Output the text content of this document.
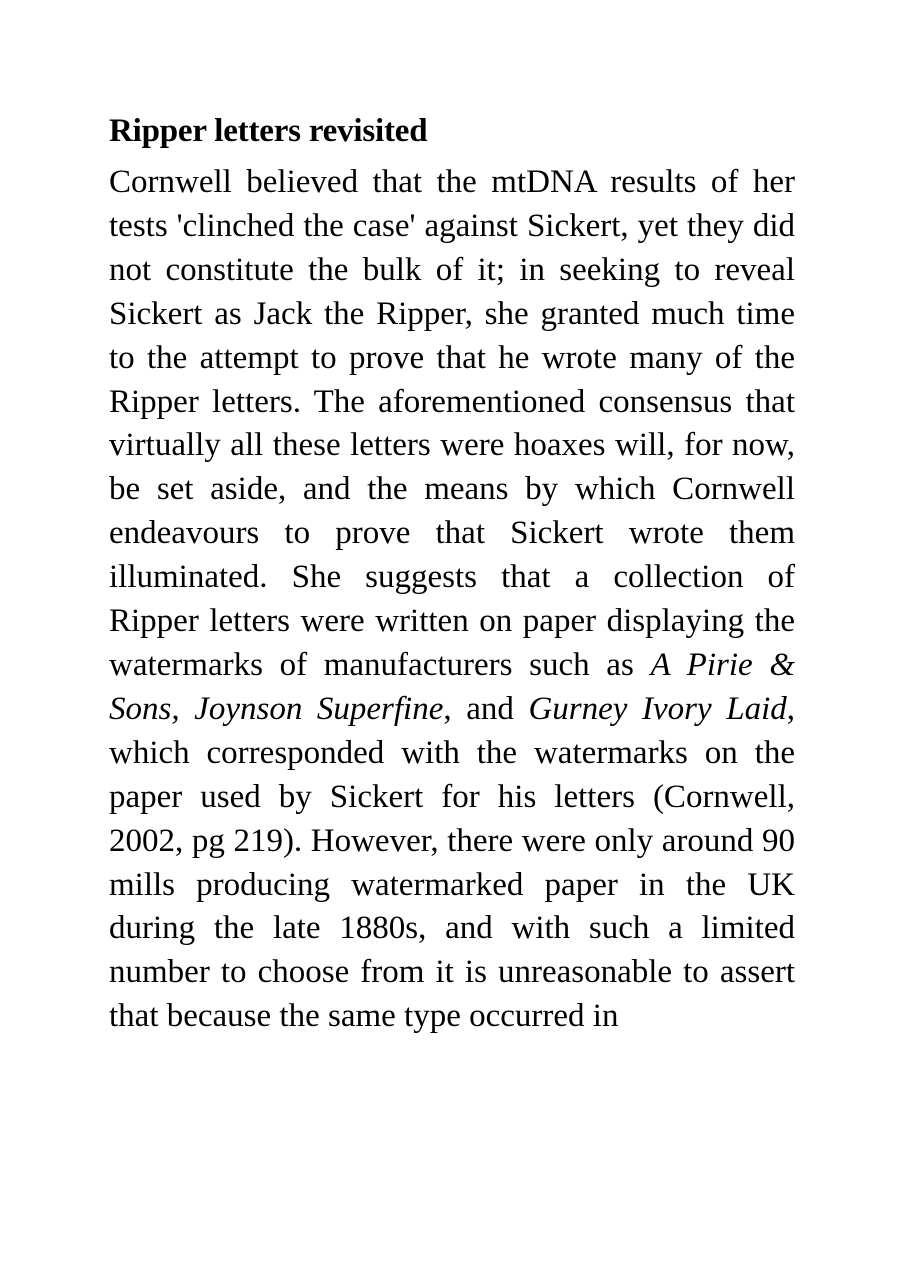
Ripper letters revisited

Cornwell believed that the mtDNA results of her tests 'clinched the case' against Sickert, yet they did not constitute the bulk of it; in seeking to reveal Sickert as Jack the Ripper, she granted much time to the attempt to prove that he wrote many of the Ripper letters. The aforementioned consensus that virtually all these letters were hoaxes will, for now, be set aside, and the means by which Cornwell endeavours to prove that Sickert wrote them illuminated. She suggests that a collection of Ripper letters were written on paper displaying the watermarks of manufacturers such as A Pirie & Sons, Joynson Superfine, and Gurney Ivory Laid, which corresponded with the watermarks on the paper used by Sickert for his letters (Cornwell, 2002, pg 219). However, there were only around 90 mills producing watermarked paper in the UK during the late 1880s, and with such a limited number to choose from it is unreasonable to assert that because the same type occurred in
